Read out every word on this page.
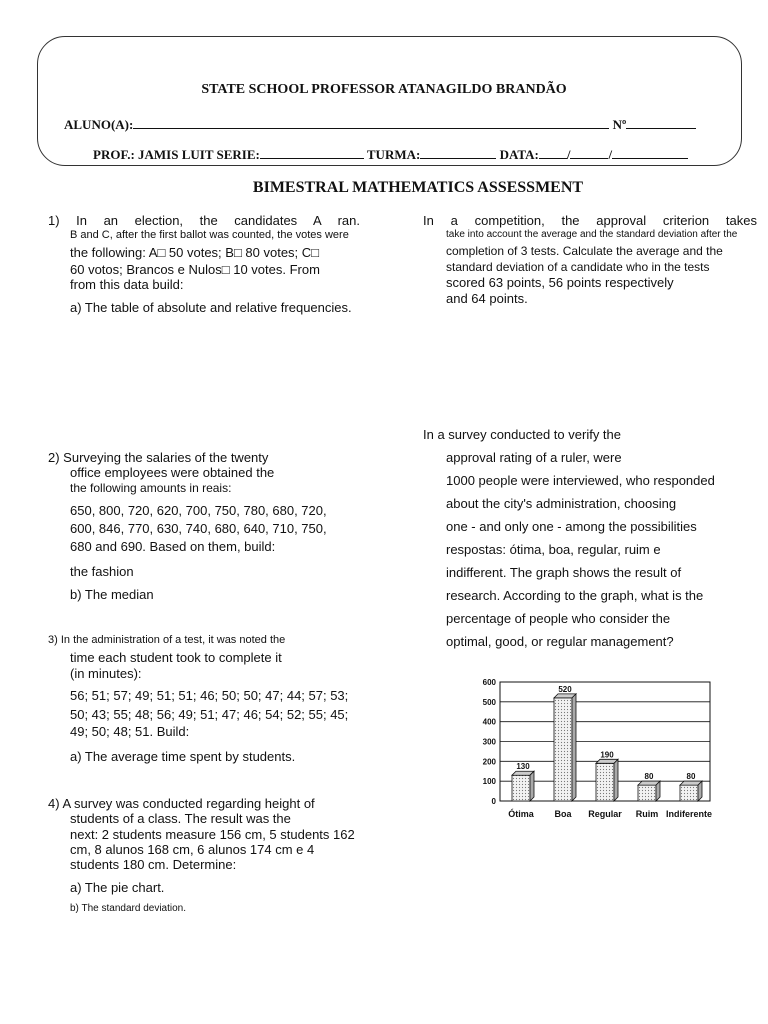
STATE SCHOOL PROFESSOR ATANAGILDO BRANDÃO
ALUNO(A):	Nº
PROF.: JAMIS LUIT SERIE:	TURMA:	DATA: /	/
BIMESTRAL MATHEMATICS ASSESSMENT
1) In an election, the candidates A ran.
B and C, after the first ballot was counted, the votes were
the following: A□ 50 votes; B□ 80 votes; C□
60 votos; Brancos e Nulos□ 10 votes. From
from this data build:
a) The table of absolute and relative frequencies.
In a competition, the approval criterion takes
take into account the average and the standard deviation after the
completion of 3 tests. Calculate the average and the
standard deviation of a candidate who in the tests
scored 63 points, 56 points respectively
and 64 points.
2) Surveying the salaries of the twenty
office employees were obtained the
the following amounts in reais:
650, 800, 720, 620, 700, 750, 780, 680, 720,
600, 846, 770, 630, 740, 680, 640, 710, 750,
680 and 690. Based on them, build:
the fashion
b) The median
In a survey conducted to verify the
approval rating of a ruler, were
1000 people were interviewed, who responded
about the city's administration, choosing
one - and only one - among the possibilities
respostas: ótima, boa, regular, ruim e
indifferent. The graph shows the result of
research. According to the graph, what is the
percentage of people who consider the
optimal, good, or regular management?
0
100
200
300
400
500
600
130
Ótima
520
Boa
190
Regular
80
Ruim
80
Indiferente
3) In the administration of a test, it was noted the
time each student took to complete it
(in minutes):
56; 51; 57; 49; 51; 51; 46; 50; 50; 47; 44; 57; 53;
50; 43; 55; 48; 56; 49; 51; 47; 46; 54; 52; 55; 45;
49; 50; 48; 51. Build:
a) The average time spent by students.
4) A survey was conducted regarding height of
students of a class. The result was the
next: 2 students measure 156 cm, 5 students 162
cm, 8 alunos 168 cm, 6 alunos 174 cm e 4
students 180 cm. Determine:
a) The pie chart.
b) The standard deviation.
